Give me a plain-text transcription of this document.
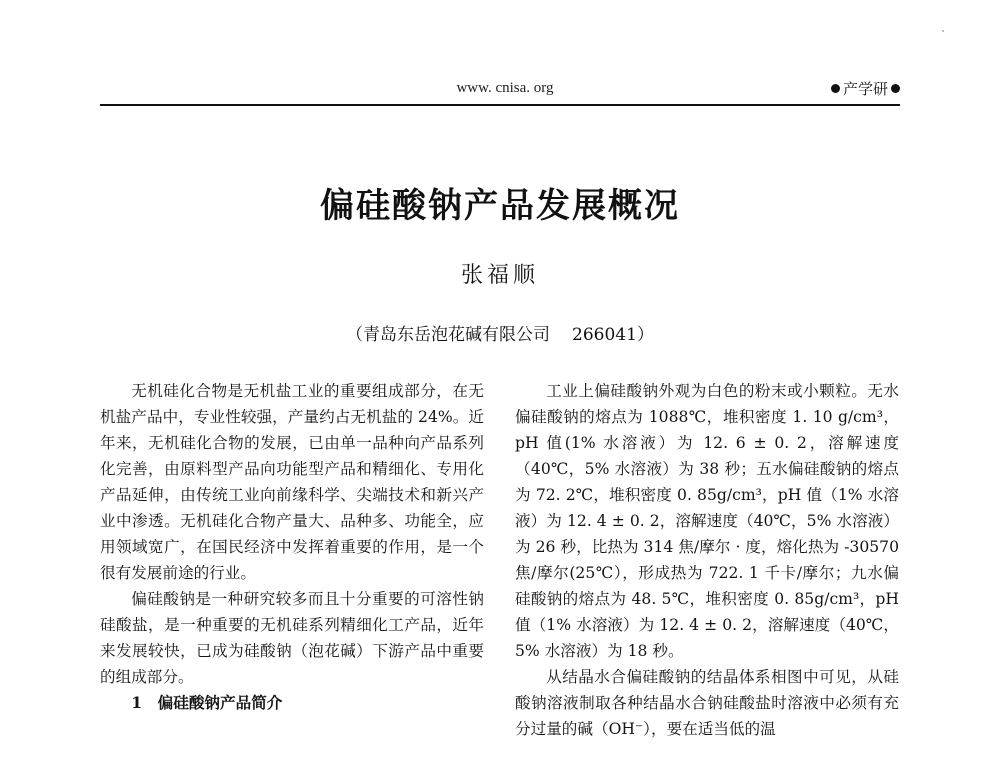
www. cnisa. org	产学研
偏硅酸钠产品发展概况
张福顺
（青岛东岳泡花碱有限公司 266041）

无机硅化合物是无机盐工业的重要组成部分，在无机盐产品中，专业性较强，产量约占无机盐的 24%。近年来，无机硅化合物的发展，已由单一品种向产品系列化完善，由原料型产品向功能型产品和精细化、专用化产品延伸，由传统工业向前缘科学、尖端技术和新兴产业中渗透。无机硅化合物产量大、品种多、功能全，应用领域宽广，在国民经济中发挥着重要的作用，是一个很有发展前途的行业。

偏硅酸钠是一种研究较多而且十分重要的可溶性钠硅酸盐，是一种重要的无机硅系列精细化工产品，近年来发展较快，已成为硅酸钠（泡花碱）下游产品中重要的组成部分。

1　偏硅酸钠产品简介

工业上偏硅酸钠外观为白色的粉末或小颗粒。无水偏硅酸钠的熔点为 1088℃，堆积密度 1. 10 g/cm³，pH 值(1% 水溶液）为 12. 6 ± 0. 2，溶解速度（40℃，5% 水溶液）为 38 秒；五水偏硅酸钠的熔点为 72. 2℃，堆积密度 0. 85g/cm³，pH 值（1% 水溶液）为 12. 4 ± 0. 2，溶解速度（40℃，5% 水溶液）为 26 秒，比热为 314 焦/摩尔 · 度，熔化热为 -30570 焦/摩尔(25℃），形成热为 722. 1 千卡/摩尔；九水偏硅酸钠的熔点为 48. 5℃，堆积密度 0. 85g/cm³，pH 值（1% 水溶液）为 12. 4 ± 0. 2，溶解速度（40℃，5% 水溶液）为 18 秒。

从结晶水合偏硅酸钠的结晶体系相图中可见，从硅酸钠溶液制取各种结晶水合钠硅酸盐时溶液中必须有充分过量的碱（OH⁻），要在适当低的温
